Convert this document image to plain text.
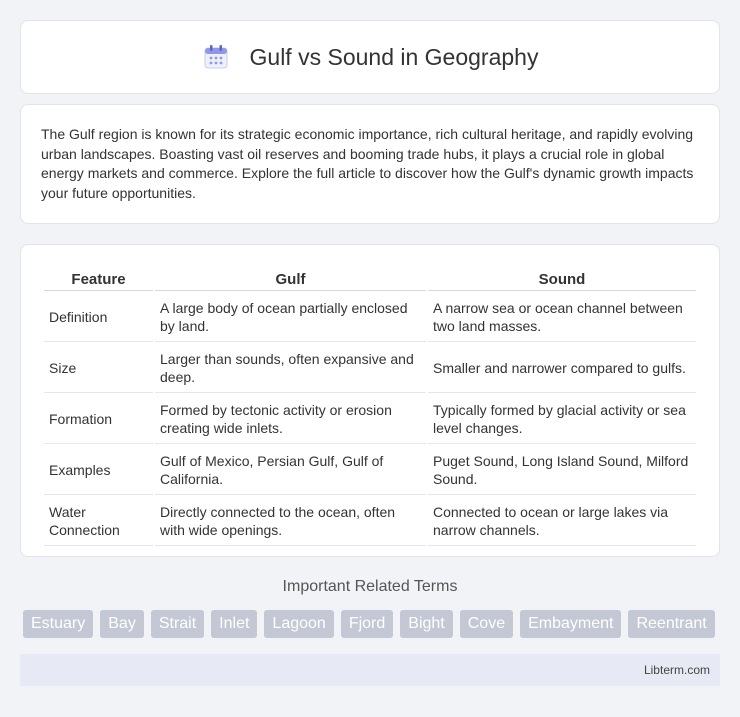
Gulf vs Sound in Geography

The Gulf region is known for its strategic economic importance, rich cultural heritage, and rapidly evolving urban landscapes. Boasting vast oil reserves and booming trade hubs, it plays a crucial role in global energy markets and commerce. Explore the full article to discover how the Gulf's dynamic growth impacts your future opportunities.

Feature	Gulf	Sound
Definition	A large body of ocean partially enclosed by land.	A narrow sea or ocean channel between two land masses.
Size	Larger than sounds, often expansive and deep.	Smaller and narrower compared to gulfs.
Formation	Formed by tectonic activity or erosion creating wide inlets.	Typically formed by glacial activity or sea level changes.
Examples	Gulf of Mexico, Persian Gulf, Gulf of California.	Puget Sound, Long Island Sound, Milford Sound.
Water Connection	Directly connected to the ocean, often with wide openings.	Connected to ocean or large lakes via narrow channels.
Important Related Terms
Estuary	Bay	Strait	Inlet	Lagoon	Fjord	Bight	Cove	Embayment	Reentrant
Libterm.com
